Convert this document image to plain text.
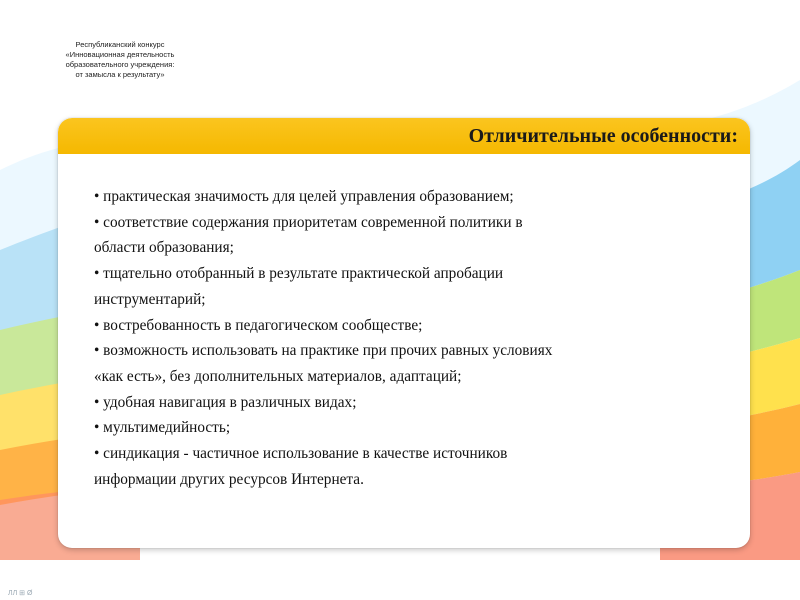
ЛЛ ⊞ Ø
Республиканский конкурс
«Инновационная деятельность
образовательного учреждения:
от замысла к результату»
Отличительные особенности:
• практическая значимость для целей управления образованием;
• соответствие содержания приоритетам современной политики в
области образования;
• тщательно отобранный в результате практической апробации
инструментарий;
• востребованность в педагогическом сообществе;
• возможность использовать на практике при прочих равных условиях
«как есть», без дополнительных материалов, адаптаций;
• удобная навигация в различных видах;
• мультимедийность;
• синдикация - частичное использование в качестве источников
информации других ресурсов Интернета.
